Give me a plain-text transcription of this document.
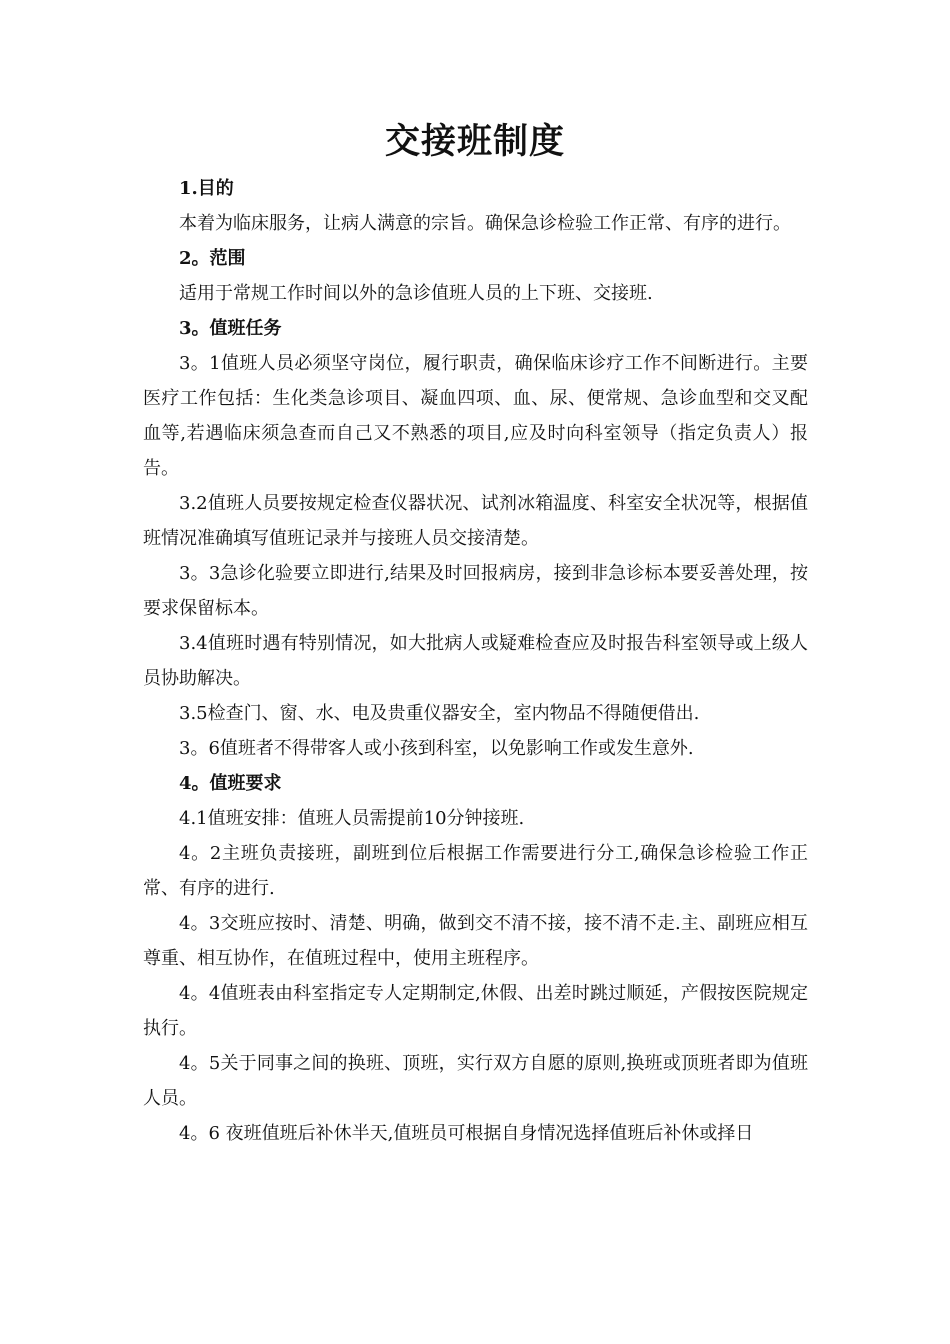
交接班制度
1.目的

本着为临床服务，让病人满意的宗旨。确保急诊检验工作正常、有序的进行。

2。范围

适用于常规工作时间以外的急诊值班人员的上下班、交接班.

3。值班任务

3。1值班人员必须坚守岗位，履行职责，确保临床诊疗工作不间断进行。主要医疗工作包括：生化类急诊项目、凝血四项、血、尿、便常规、急诊血型和交叉配血等,若遇临床须急查而自己又不熟悉的项目,应及时向科室领导（指定负责人）报告。

3.2值班人员要按规定检查仪器状况、试剂冰箱温度、科室安全状况等，根据值班情况准确填写值班记录并与接班人员交接清楚。

3。3急诊化验要立即进行,结果及时回报病房，接到非急诊标本要妥善处理，按要求保留标本。

3.4值班时遇有特别情况，如大批病人或疑难检查应及时报告科室领导或上级人员协助解决。

3.5检查门、窗、水、电及贵重仪器安全，室内物品不得随便借出.

3。6值班者不得带客人或小孩到科室，以免影响工作或发生意外.

4。值班要求

4.1值班安排：值班人员需提前10分钟接班.

4。2主班负责接班，副班到位后根据工作需要进行分工,确保急诊检验工作正常、有序的进行.

4。3交班应按时、清楚、明确，做到交不清不接，接不清不走.主、副班应相互尊重、相互协作，在值班过程中，使用主班程序。

4。4值班表由科室指定专人定期制定,休假、出差时跳过顺延，产假按医院规定执行。

4。5关于同事之间的换班、顶班，实行双方自愿的原则,换班或顶班者即为值班人员。

4。6 夜班值班后补休半天,值班员可根据自身情况选择值班后补休或择日
